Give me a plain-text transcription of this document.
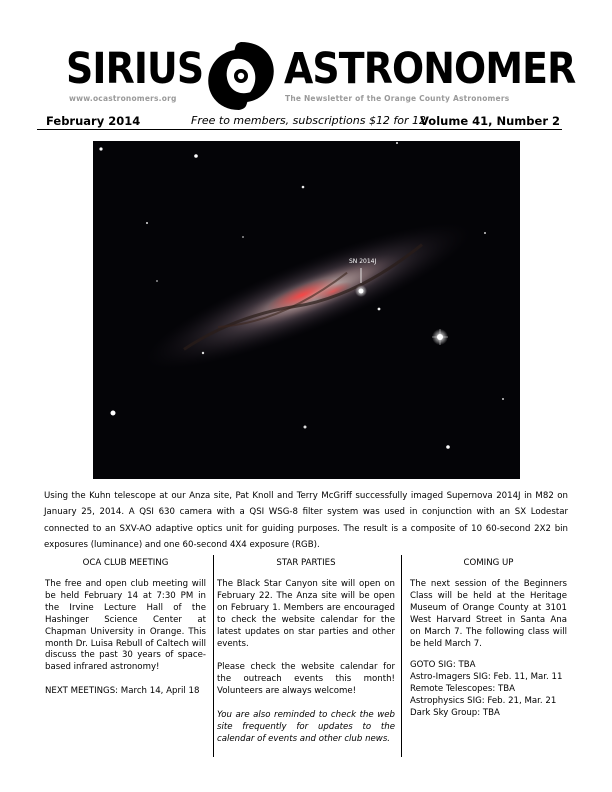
SIRIUS ASTRONOMER
www.ocastronomers.org	The Newsletter of the Orange County Astronomers
February 2014	Free to members, subscriptions $12 for 12
Volume 41, Number 2
SN 2014J
Using the Kuhn telescope at our Anza site, Pat Knoll and Terry McGriff successfully imaged Supernova 2014J in M82 on January 25, 2014. A QSI 630 camera with a QSI WSG-8 filter system was used in conjunction with an SX Lodestar connected to an SXV-AO adaptive optics unit for guiding purposes. The result is a composite of 10 60-second 2X2 bin exposures (luminance) and one 60-second 4X4 exposure (RGB).
OCA CLUB MEETING

The free and open club meeting will be held February 14 at 7:30 PM in the Irvine Lecture Hall of the Hashinger Science Center at Chapman University in Orange. This month Dr. Luisa Rebull of Caltech will discuss the past 30 years of space-based infrared astronomy!

NEXT MEETINGS: March 14, April 18

STAR PARTIES

The Black Star Canyon site will open on February 22. The Anza site will be open on February 1. Members are encouraged to check the website calendar for the latest updates on star parties and other events.

Please check the website calendar for the outreach events this month! Volunteers are always welcome!

You are also reminded to check the web site frequently for updates to the calendar of events and other club news.

COMING UP

The next session of the Beginners Class will be held at the Heritage Museum of Orange County at 3101 West Harvard Street in Santa Ana on March 7. The following class will be held March 7.

GOTO SIG: TBA
Astro-Imagers SIG: Feb. 11, Mar. 11
Remote Telescopes: TBA
Astrophysics SIG: Feb. 21, Mar. 21
Dark Sky Group: TBA
